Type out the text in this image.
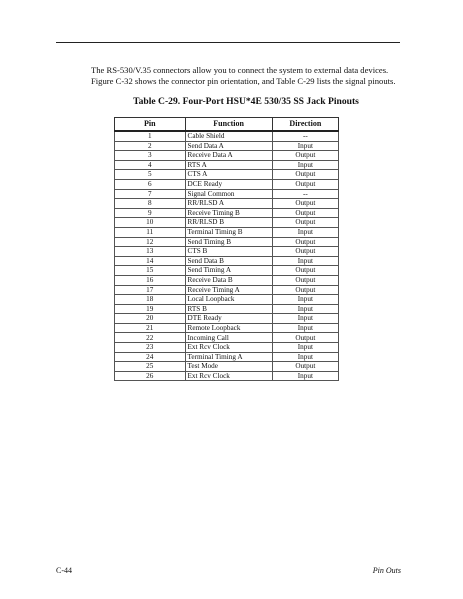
The RS-530/V.35 connectors allow you to connect the system to external data devices. Figure C-32 shows the connector pin orientation, and Table C-29 lists the signal pinouts.

Table C-29. Four-Port HSU*4E 530/35 SS Jack Pinouts

Pin	Function	Direction
1	Cable Shield	--
2	Send Data A	Input
3	Receive Data A	Output
4	RTS A	Input
5	CTS A	Output
6	DCE Ready	Output
7	Signal Common	--
8	RR/RLSD A	Output
9	Receive Timing B	Output
10	RR/RLSD B	Output
11	Terminal Timing B	Input
12	Send Timing B	Output
13	CTS B	Output
14	Send Data B	Input
15	Send Timing A	Output
16	Receive Data B	Output
17	Receive Timing A	Output
18	Local Loopback	Input
19	RTS B	Input
20	DTE Ready	Input
21	Remote Loopback	Input
22	Incoming Call	Output
23	Ext Rcv Clock	Input
24	Terminal Timing A	Input
25	Test Mode	Output
26	Ext Rcv Clock	Input
C-44	Pin Outs
